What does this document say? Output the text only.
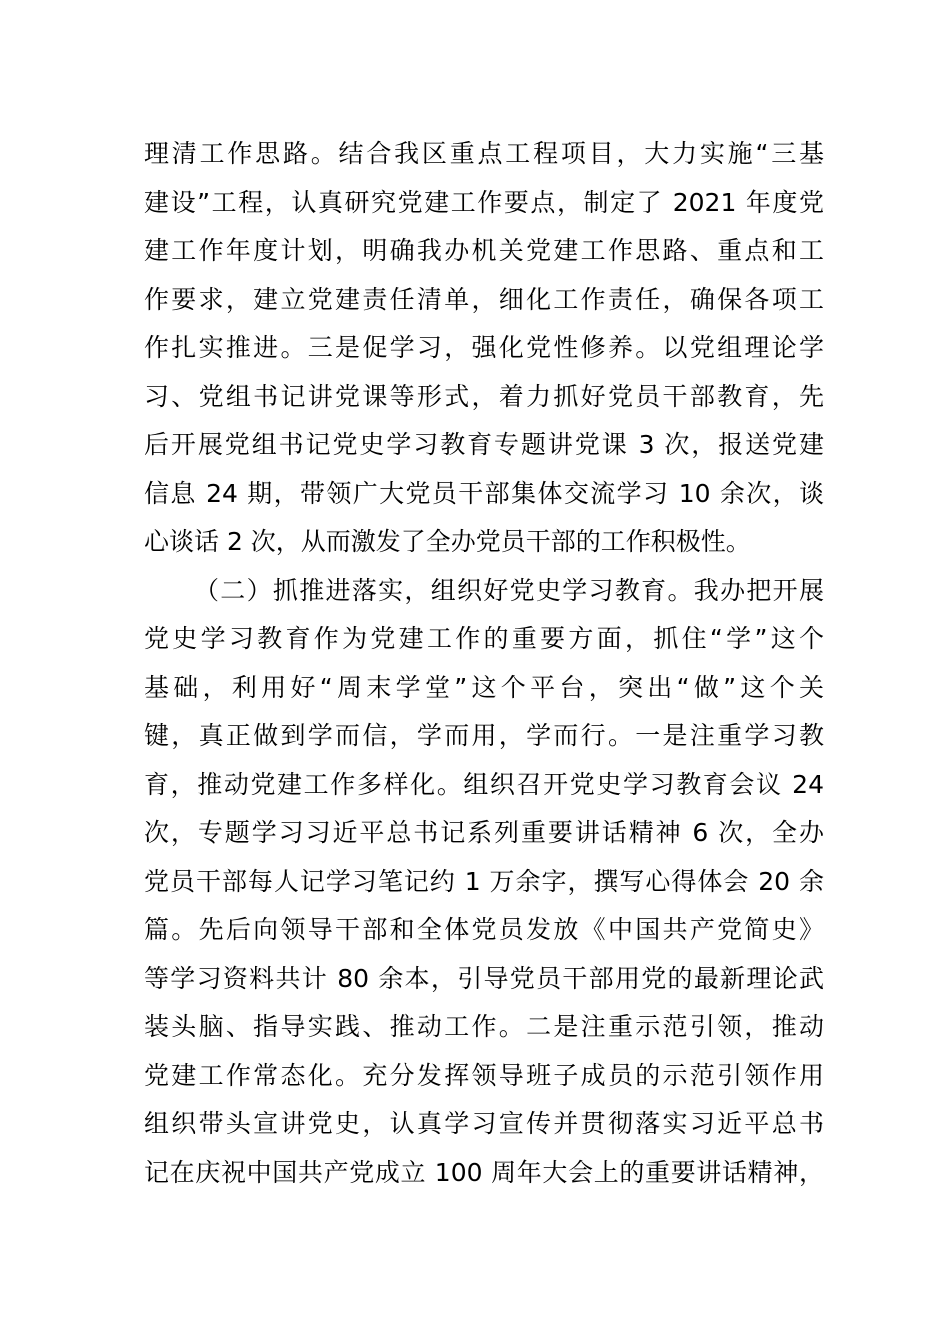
理清工作思路。结合我区重点工程项目，大力实施“三基
建设”工程，认真研究党建工作要点，制定了 2021 年度党
建工作年度计划，明确我办机关党建工作思路、重点和工
作要求，建立党建责任清单，细化工作责任，确保各项工
作扎实推进。三是促学习，强化党性修养。以党组理论学
习、党组书记讲党课等形式，着力抓好党员干部教育，先
后开展党组书记党史学习教育专题讲党课 3 次，报送党建
信息 24 期，带领广大党员干部集体交流学习 10 余次，谈
心谈话 2 次，从而激发了全办党员干部的工作积极性。
（二）抓推进落实，组织好党史学习教育。我办把开展
党史学习教育作为党建工作的重要方面，抓住“学”这个
基础，利用好“周末学堂”这个平台，突出“做”这个关
键，真正做到学而信，学而用，学而行。一是注重学习教
育，推动党建工作多样化。组织召开党史学习教育会议 24
次，专题学习习近平总书记系列重要讲话精神 6 次，全办
党员干部每人记学习笔记约 1 万余字，撰写心得体会 20 余
篇。先后向领导干部和全体党员发放《中国共产党简史》
等学习资料共计 80 余本，引导党员干部用党的最新理论武
装头脑、指导实践、推动工作。二是注重示范引领，推动
党建工作常态化。充分发挥领导班子成员的示范引领作用
组织带头宣讲党史，认真学习宣传并贯彻落实习近平总书
记在庆祝中国共产党成立 100 周年大会上的重要讲话精神，
